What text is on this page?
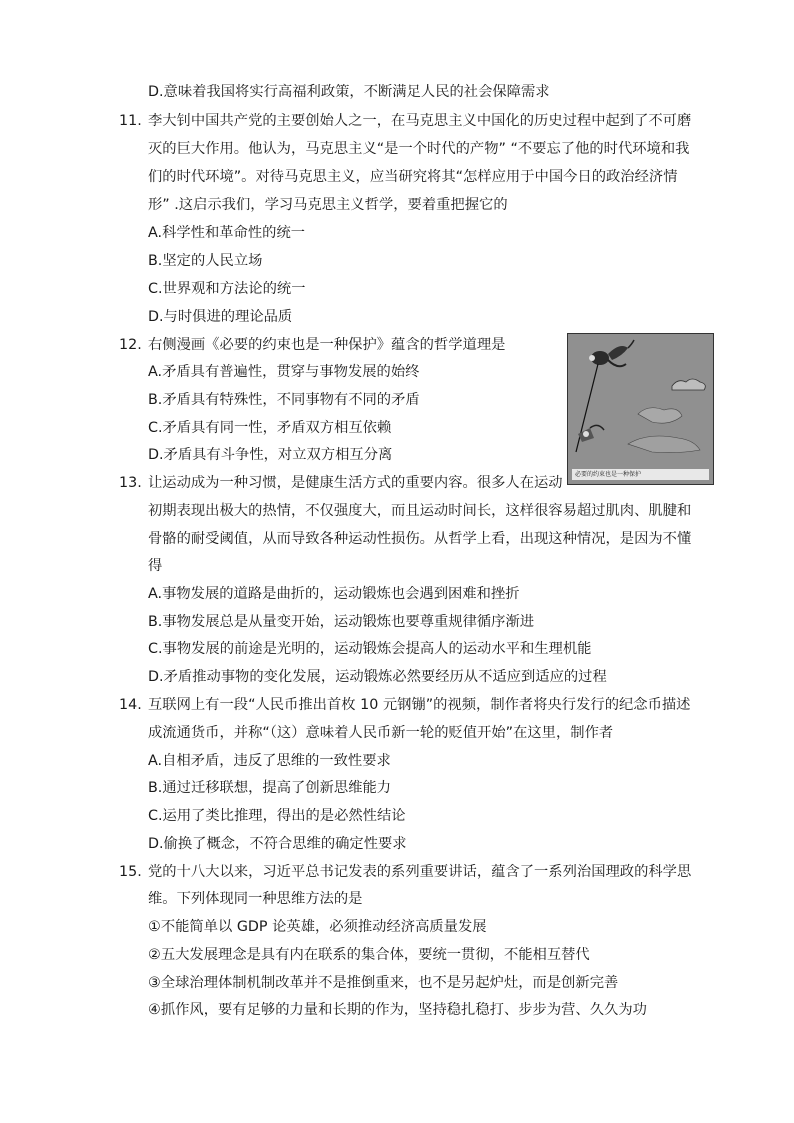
D.意味着我国将实行高福利政策，不断满足人民的社会保障需求
李大钊中国共产党的主要创始人之一，在马克思主义中国化的历史过程中起到了不可磨
灭的巨大作用。他认为，马克思主义“是一个时代的产物” “不要忘了他的时代环境和我
们的时代环境”。对待马克思主义，应当研究将其“怎样应用于中国今日的政治经济情
形” .这启示我们，学习马克思主义哲学，要着重把握它的
A.科学性和革命性的统一
B.坚定的人民立场
C.世界观和方法论的统一
D.与时俱进的理论品质
右侧漫画《必要的约束也是一种保护》蕴含的哲学道理是
A.矛盾具有普遍性，贯穿与事物发展的始终
B.矛盾具有特殊性，不同事物有不同的矛盾
C.矛盾具有同一性，矛盾双方相互依赖
D.矛盾具有斗争性，对立双方相互分离
让运动成为一种习惯，是健康生活方式的重要内容。很多人在运动
初期表现出极大的热情，不仅强度大，而且运动时间长，这样很容易超过肌肉、肌腱和
骨骼的耐受阈值，从而导致各种运动性损伤。从哲学上看，出现这种情况，是因为不懂
得
A.事物发展的道路是曲折的，运动锻炼也会遇到困难和挫折
B.事物发展总是从量变开始，运动锻炼也要尊重规律循序渐进
C.事物发展的前途是光明的，运动锻炼会提高人的运动水平和生理机能
D.矛盾推动事物的变化发展，运动锻炼必然要经历从不适应到适应的过程
互联网上有一段“人民币推出首枚 10 元钢镚”的视频，制作者将央行发行的纪念币描述
成流通货币，并称“（这）意味着人民币新一轮的贬值开始”在这里，制作者
A.自相矛盾，违反了思维的一致性要求
B.通过迁移联想，提高了创新思维能力
C.运用了类比推理，得出的是必然性结论
D.偷换了概念，不符合思维的确定性要求
党的十八大以来，习近平总书记发表的系列重要讲话，蕴含了一系列治国理政的科学思
维。下列体现同一种思维方法的是
①不能简单以 GDP 论英雄，必须推动经济高质量发展
②五大发展理念是具有内在联系的集合体，要统一贯彻，不能相互替代
③全球治理体制机制改革并不是推倒重来，也不是另起炉灶，而是创新完善
④抓作风，要有足够的力量和长期的作为，坚持稳扎稳打、步步为营、久久为功
11.
12.
13.
14.
15.
必要的约束也是一种保护
